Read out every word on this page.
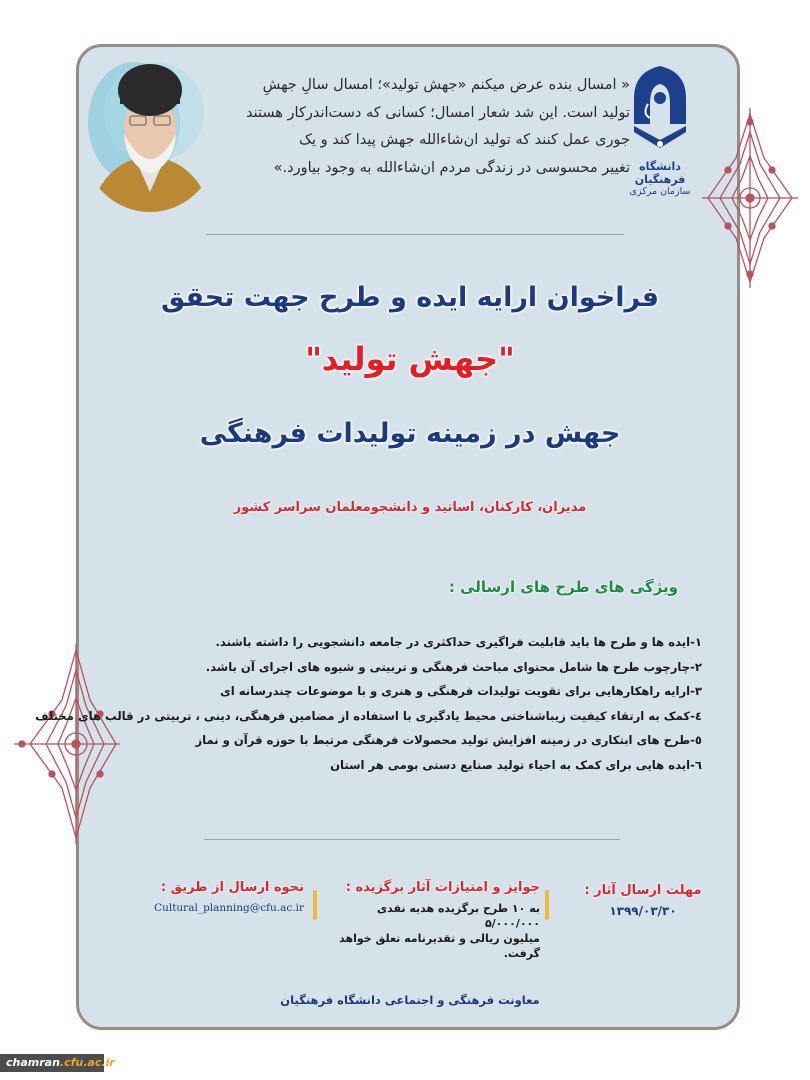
« امسال بنده عرض میکنم «جهش تولید»؛ امسال سالِ جهشِ
تولید است. این شد شعار امسال؛ کسانی که دست‌اندرکار هستند
جوری عمل کنند که تولید ان‌شاءالله جهش پیدا کند و یک
تغییر محسوسی در زندگی مردم ان‌شاءالله به وجود بیاورد.» دانشگاه فرهنگیان
سازمان مرکزی
فراخوان ارایه ایده و طرح جهت تحقق
"جهش تولید"
جهش در زمینه تولیدات فرهنگی
مدیران، کارکنان، اساتید و دانشجومعلمان سراسر کشور
ویژگی های طرح های ارسالی :
۱-ایده ها و طرح ها باید قابلیت فراگیری حداکثری در جامعه دانشجویی را داشته باشند.
۲-چارچوب طرح ها شامل محتوای مباحث فرهنگی و تربیتی و شیوه های اجرای آن باشد.
۳-ارایه راهکارهایی برای تقویت تولیدات فرهنگی و هنری و با موضوعات چندرسانه ای
٤-کمک به ارتقاء کیفیت زیباشناختی محیط یادگیری با استفاده از مضامین فرهنگی، دینی ، تربیتی در قالب های مختلف
٥-طرح های ابتکاری در زمینه افزایش تولید محصولات فرهنگی مرتبط با حوزه قرآن و نماز
٦-ایده هایی برای کمک به احیاء تولید صنایع دستی بومی هر استان
مهلت ارسال آثار :
۱۳۹۹/۰۳/۳۰
جوایز و امتیازات آثار برگزیده :
به ۱۰ طرح برگزیده هدیه نقدی ۵/۰۰۰/۰۰۰
میلیون ریالی و تقدیرنامه تعلق خواهد گرفت.
نحوه ارسال از طریق :
Cultural_planning@cfu.ac.ir
معاونت فرهنگی و اجتماعی دانشگاه فرهنگیان
chamran.cfu.ac.ir
